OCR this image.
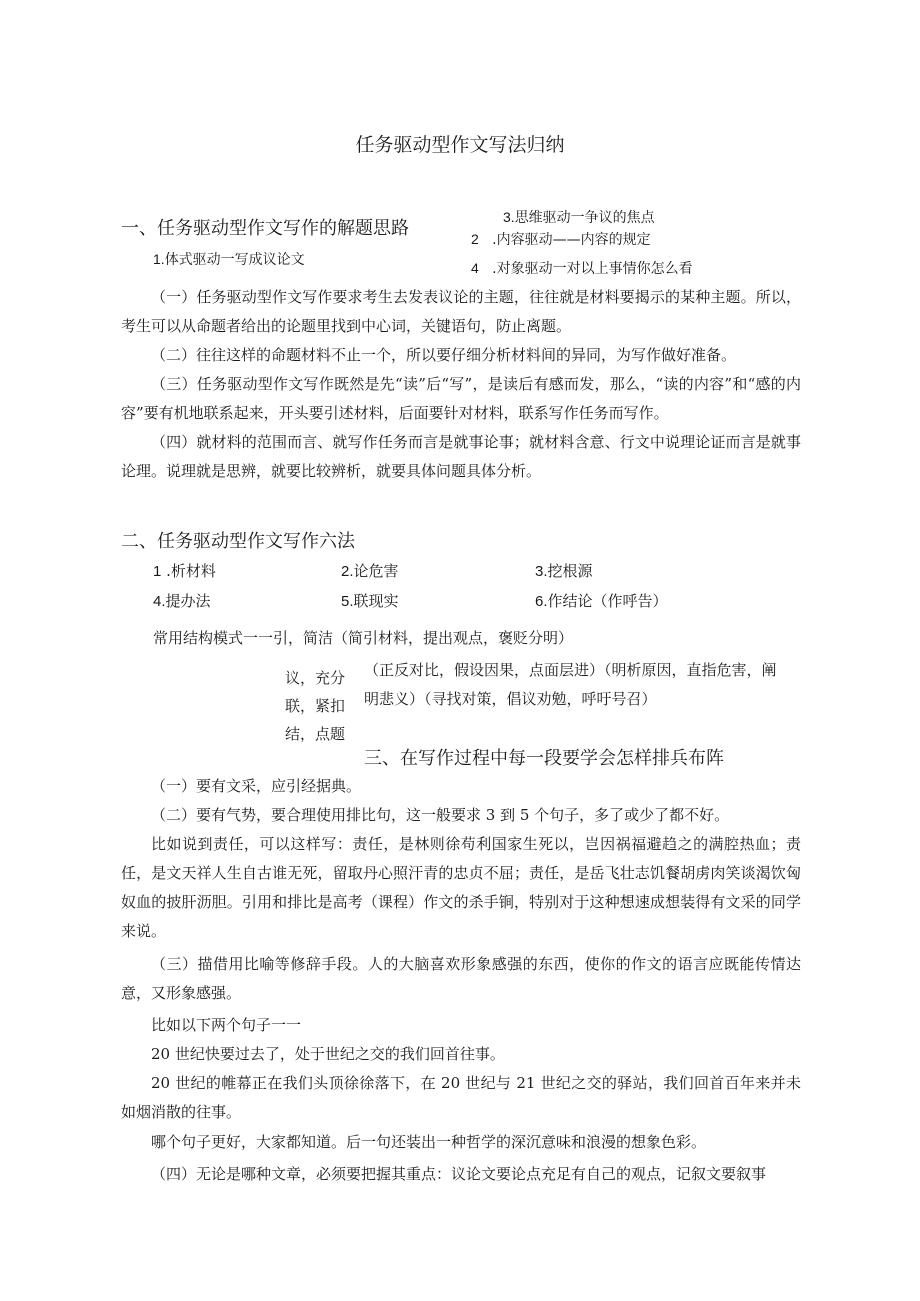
任务驱动型作文写法归纳
一、任务驱动型作文写作的解题思路
3.思维驱动一争议的焦点
2 .内容驱动——内容的规定
1.体式驱动一写成议论文	4 .对象驱动一对以上事情你怎么看
（一）任务驱动型作文写作要求考生去发表议论的主题，往往就是材料要揭示的某种主题。所以，考生可以从命题者给出的论题里找到中心词，关键语句，防止离题。
（二）往往这样的命题材料不止一个，所以要仔细分析材料间的异同，为写作做好准备。
（三）任务驱动型作文写作既然是先“读”后“写”，是读后有感而发，那么，“读的内容”和“感的内容”要有机地联系起来，开头要引述材料，后面要针对材料，联系写作任务而写作。
（四）就材料的范围而言、就写作任务而言是就事论事；就材料含意、行文中说理论证而言是就事论理。说理就是思辨，就要比较辨析，就要具体问题具体分析。
二、任务驱动型作文写作六法
1 .析材料	2.论危害	3.挖根源
4.提办法	5.联现实	6.作结论（作呼告）
常用结构模式一一引，简洁（简引材料，提出观点，褒贬分明）
议，充分
联，紧扣
结，点题
（正反对比，假设因果，点面层进）（明析原因，直指危害，阐
明悲义）（寻找对策，倡议劝勉，呼吁号召）
三、在写作过程中每一段要学会怎样排兵布阵
（一）要有文采，应引经据典。
（二）要有气势，要合理使用排比句，这一般要求 3 到 5 个句子，多了或少了都不好。
比如说到责任，可以这样写：责任，是林则徐苟利国家生死以，岂因祸福避趋之的满腔热血；责任，是文天祥人生自古谁无死，留取丹心照汗青的忠贞不屈；责任，是岳飞壮志饥餐胡虏肉笑谈渴饮匈奴血的披肝沥胆。引用和排比是高考（课程）作文的杀手锏，特别对于这种想速成想装得有文采的同学来说。
（三）描借用比喻等修辞手段。人的大脑喜欢形象感强的东西，使你的作文的语言应既能传情达意，又形象感强。
比如以下两个句子一一
20 世纪快要过去了，处于世纪之交的我们回首往事。
20 世纪的帷幕正在我们头顶徐徐落下，在 20 世纪与 21 世纪之交的驿站，我们回首百年来并未如烟消散的往事。
哪个句子更好，大家都知道。后一句还装出一种哲学的深沉意味和浪漫的想象色彩。
（四）无论是哪种文章，必须要把握其重点：议论文要论点充足有自己的观点，记叙文要叙事
